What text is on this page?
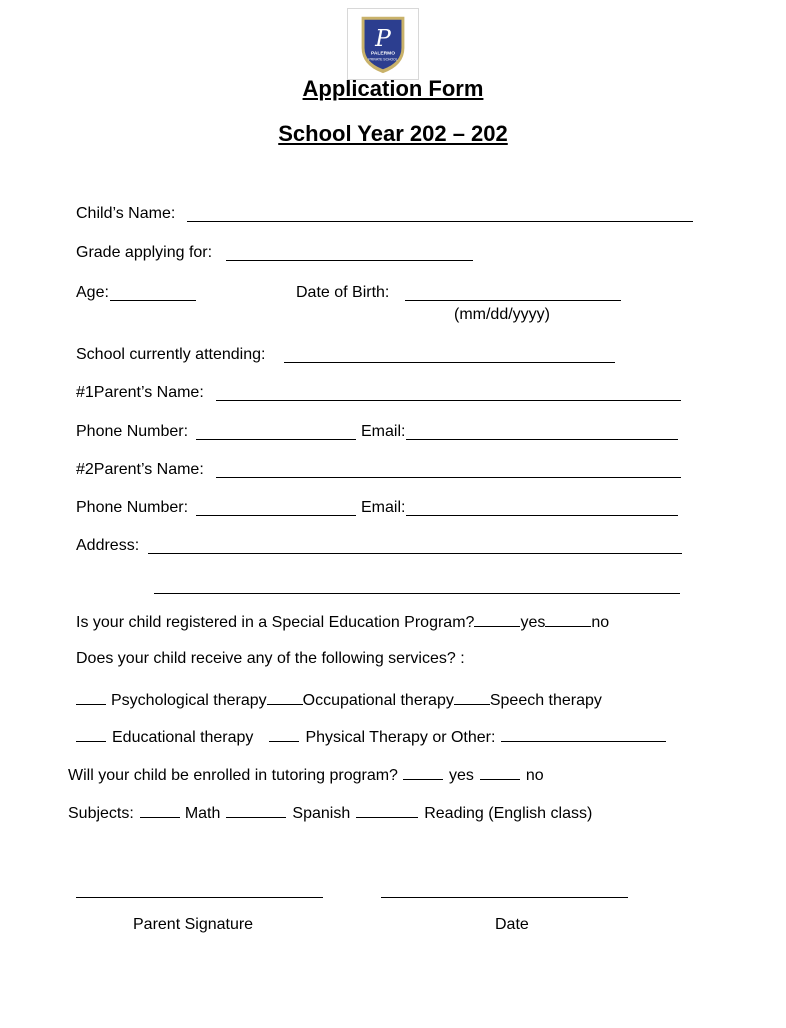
P
PALERMO
PRIVATE SCHOOL
Application Form
School Year 202 – 202
Child’s Name:
Grade applying for:
Age:	Date of Birth:
(mm/dd/yyyy)
School currently attending:
#1Parent’s Name:
Phone Number:	Email:
#2Parent’s Name:
Phone Number:	Email:
Address:
Is your child registered in a Special Education Program?	yes	no
Does your child receive any of the following services? :
Psychological therapy Occupational therapy Speech therapy
Educational therapy	Physical Therapy or Other:
Will your child be enrolled in tutoring program?	yes	no
Subjects:	Math	Spanish	Reading (English class)
Parent Signature	Date
